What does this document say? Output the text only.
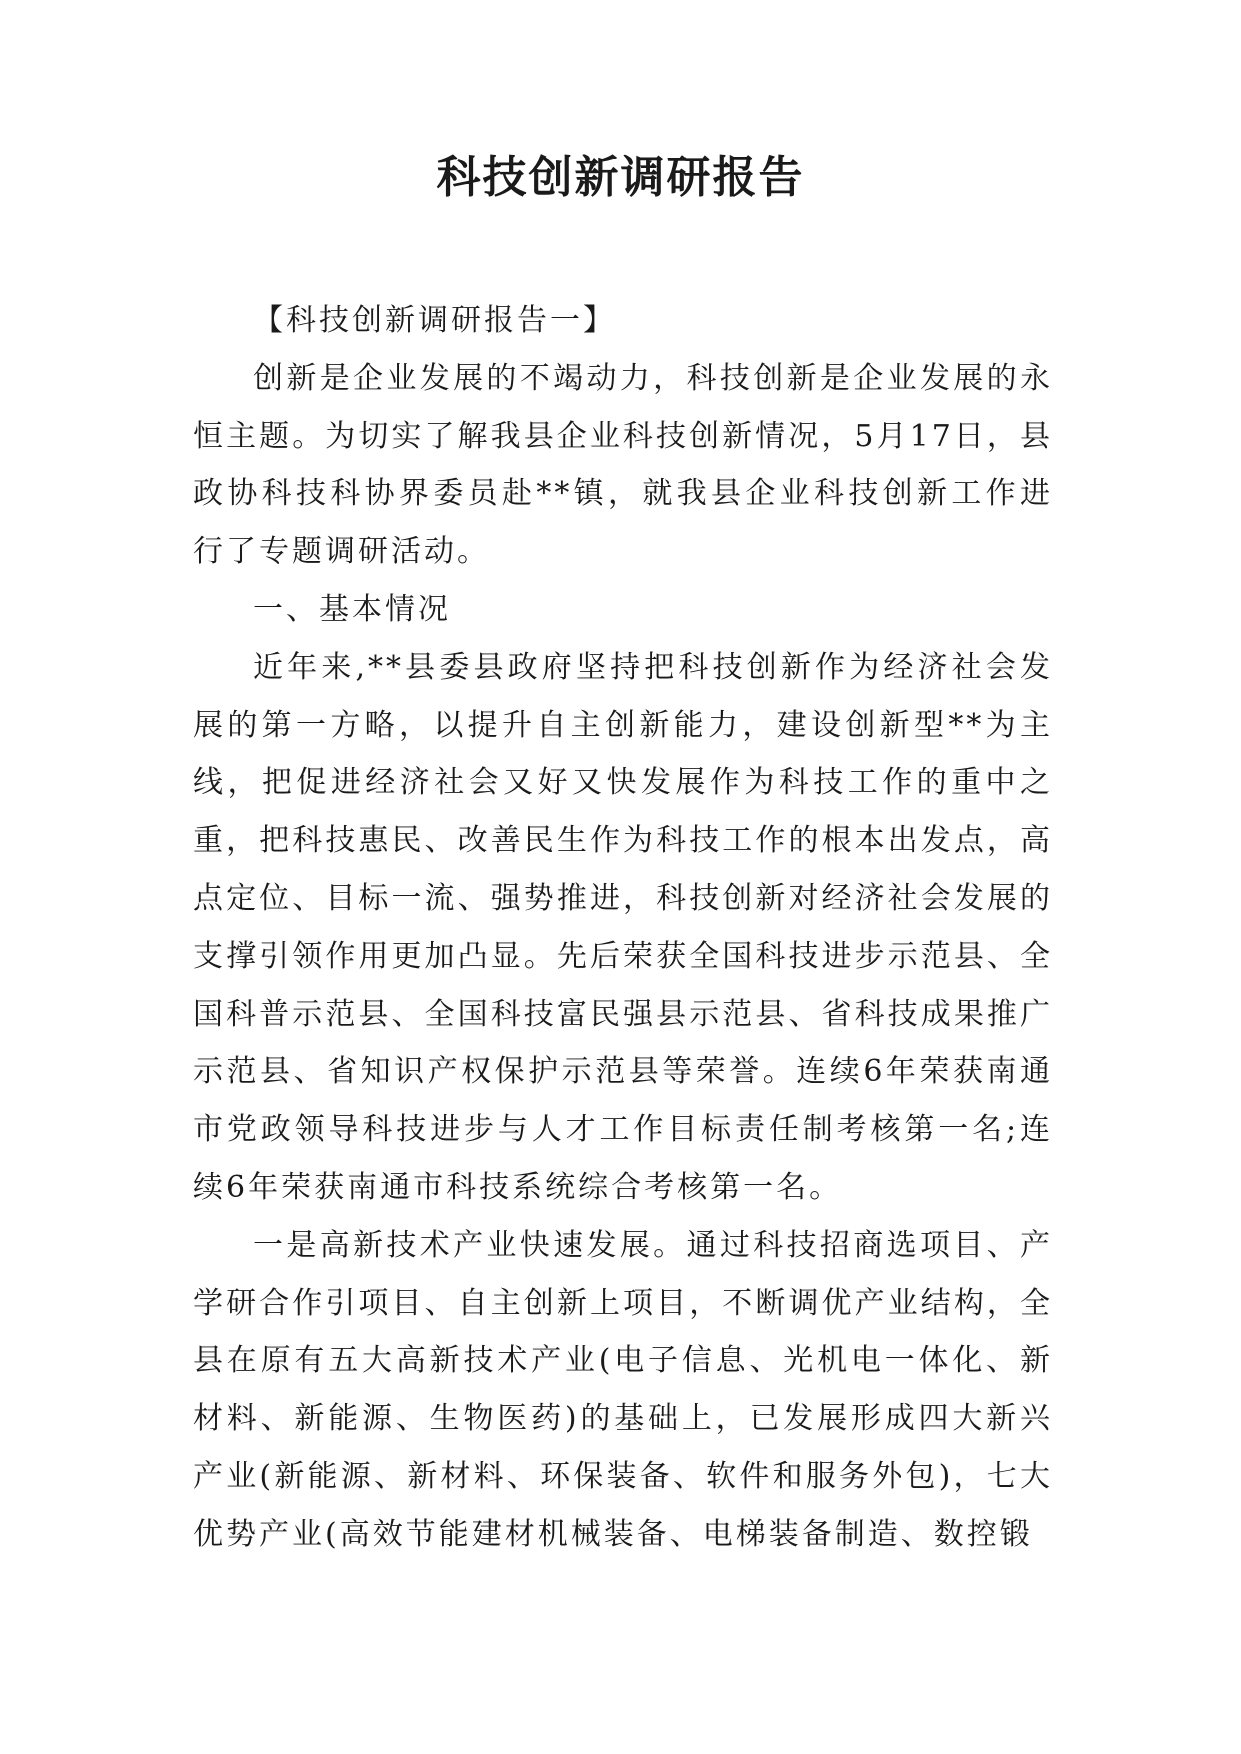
科技创新调研报告

【科技创新调研报告一】

创新是企业发展的不竭动力，科技创新是企业发展的永恒主题。为切实了解我县企业科技创新情况，5月17日，县政协科技科协界委员赴**镇，就我县企业科技创新工作进行了专题调研活动。

一、基本情况

近年来,**县委县政府坚持把科技创新作为经济社会发展的第一方略，以提升自主创新能力，建设创新型**为主线，把促进经济社会又好又快发展作为科技工作的重中之重，把科技惠民、改善民生作为科技工作的根本出发点，高点定位、目标一流、强势推进，科技创新对经济社会发展的支撑引领作用更加凸显。先后荣获全国科技进步示范县、全国科普示范县、全国科技富民强县示范县、省科技成果推广示范县、省知识产权保护示范县等荣誉。连续6年荣获南通市党政领导科技进步与人才工作目标责任制考核第一名;连续6年荣获南通市科技系统综合考核第一名。

一是高新技术产业快速发展。通过科技招商选项目、产学研合作引项目、自主创新上项目，不断调优产业结构，全县在原有五大高新技术产业(电子信息、光机电一体化、新材料、新能源、生物医药)的基础上，已发展形成四大新兴产业(新能源、新材料、环保装备、软件和服务外包)，七大优势产业(高效节能建材机械装备、电梯装备制造、数控锻
